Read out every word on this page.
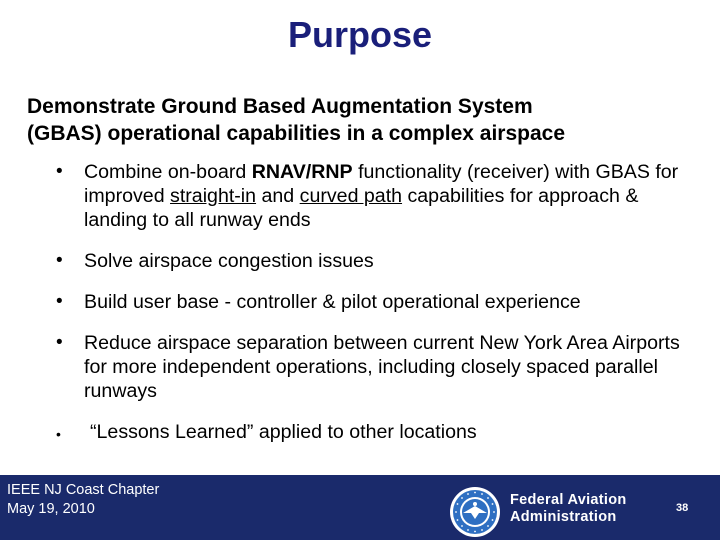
Purpose
Demonstrate Ground Based Augmentation System
(GBAS) operational capabilities in a complex airspace
•	Combine on-board RNAV/RNP functionality (receiver) with GBAS for improved straight-in and curved path capabilities for approach & landing to all runway ends
•	Solve airspace congestion issues
•	Build user base - controller & pilot operational experience
•	Reduce airspace separation between current New York Area Airports for more independent operations, including closely spaced parallel runways
•	“Lessons Learned” applied to other locations
IEEE NJ Coast Chapter
May 19, 2010
Federal Aviation
Administration
38
